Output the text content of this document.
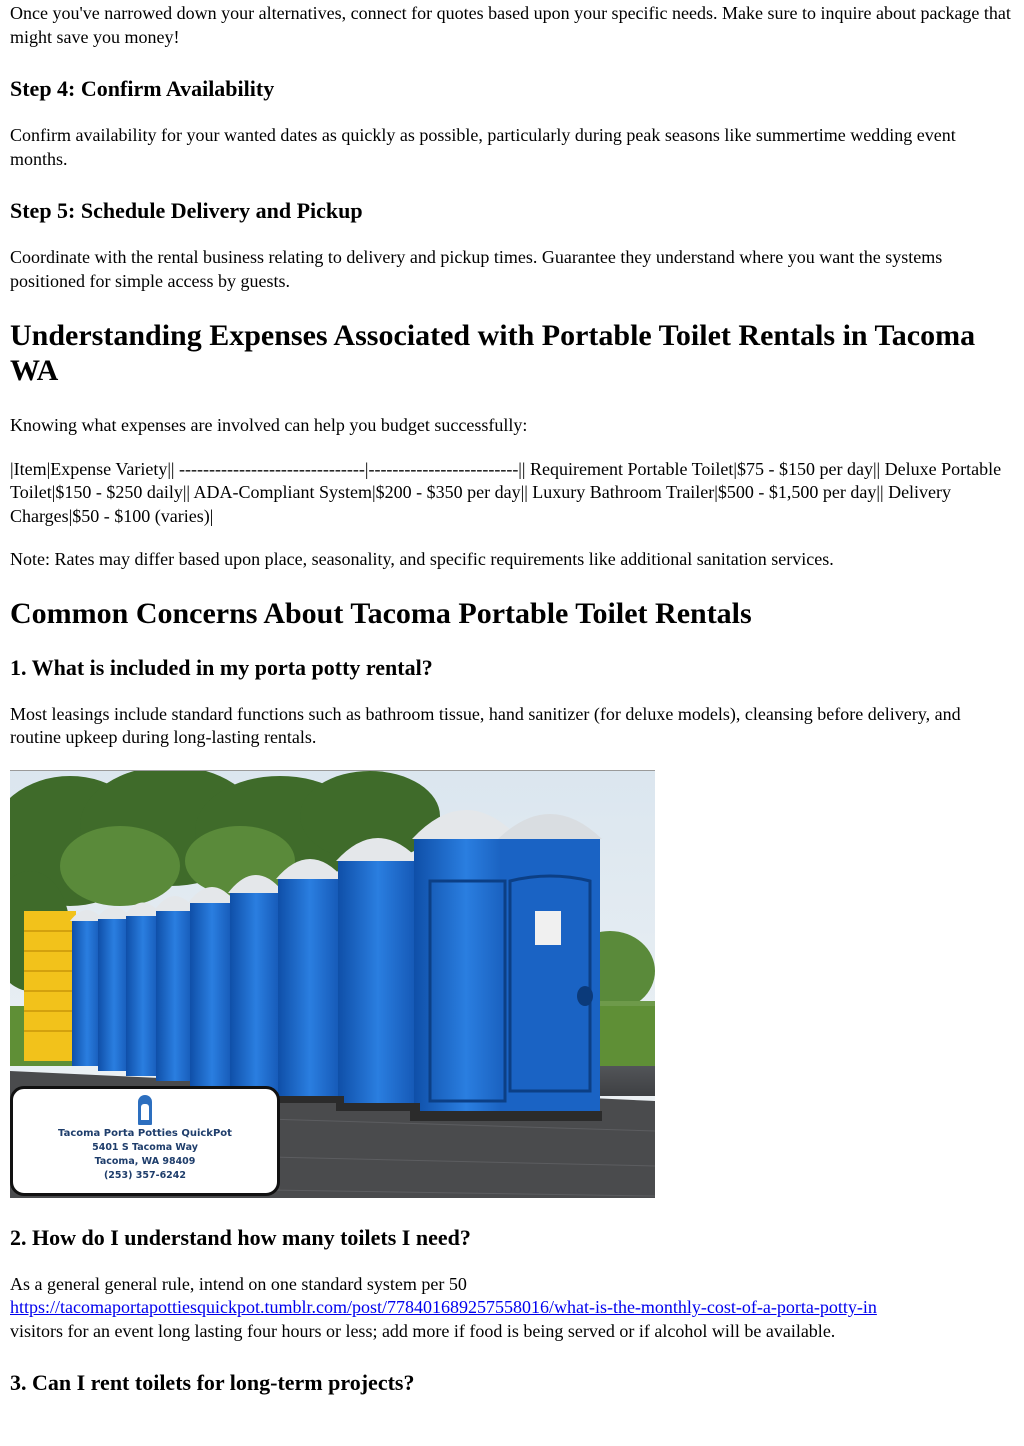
Once you've narrowed down your alternatives, connect for quotes based upon your specific needs. Make sure to inquire about package that might save you money!

Step 4: Confirm Availability

Confirm availability for your wanted dates as quickly as possible, particularly during peak seasons like summertime wedding event months.

Step 5: Schedule Delivery and Pickup

Coordinate with the rental business relating to delivery and pickup times. Guarantee they understand where you want the systems positioned for simple access by guests.

Understanding Expenses Associated with Portable Toilet Rentals in Tacoma WA

Knowing what expenses are involved can help you budget successfully:

|Item|Expense Variety|| -------------------------------|-------------------------|| Requirement Portable Toilet|$75 - $150 per day|| Deluxe Portable Toilet|$150 - $250 daily|| ADA-Compliant System|$200 - $350 per day|| Luxury Bathroom Trailer|$500 - $1,500 per day|| Delivery Charges|$50 - $100 (varies)|

Note: Rates may differ based upon place, seasonality, and specific requirements like additional sanitation services.

Common Concerns About Tacoma Portable Toilet Rentals
1. What is included in my porta potty rental?

Most leasings include standard functions such as bathroom tissue, hand sanitizer (for deluxe models), cleansing before delivery, and routine upkeep during long-lasting rentals.

Tacoma Porta Potties QuickPot
5401 S Tacoma Way
Tacoma, WA 98409
(253) 357-6242
2. How do I understand how many toilets I need?

As a general general rule, intend on one standard system per 50
https://tacomaportapottiesquickpot.tumblr.com/post/778401689257558016/what-is-the-monthly-cost-of-a-porta-potty-in
visitors for an event long lasting four hours or less; add more if food is being served or if alcohol will be available.

3. Can I rent toilets for long-term projects?
